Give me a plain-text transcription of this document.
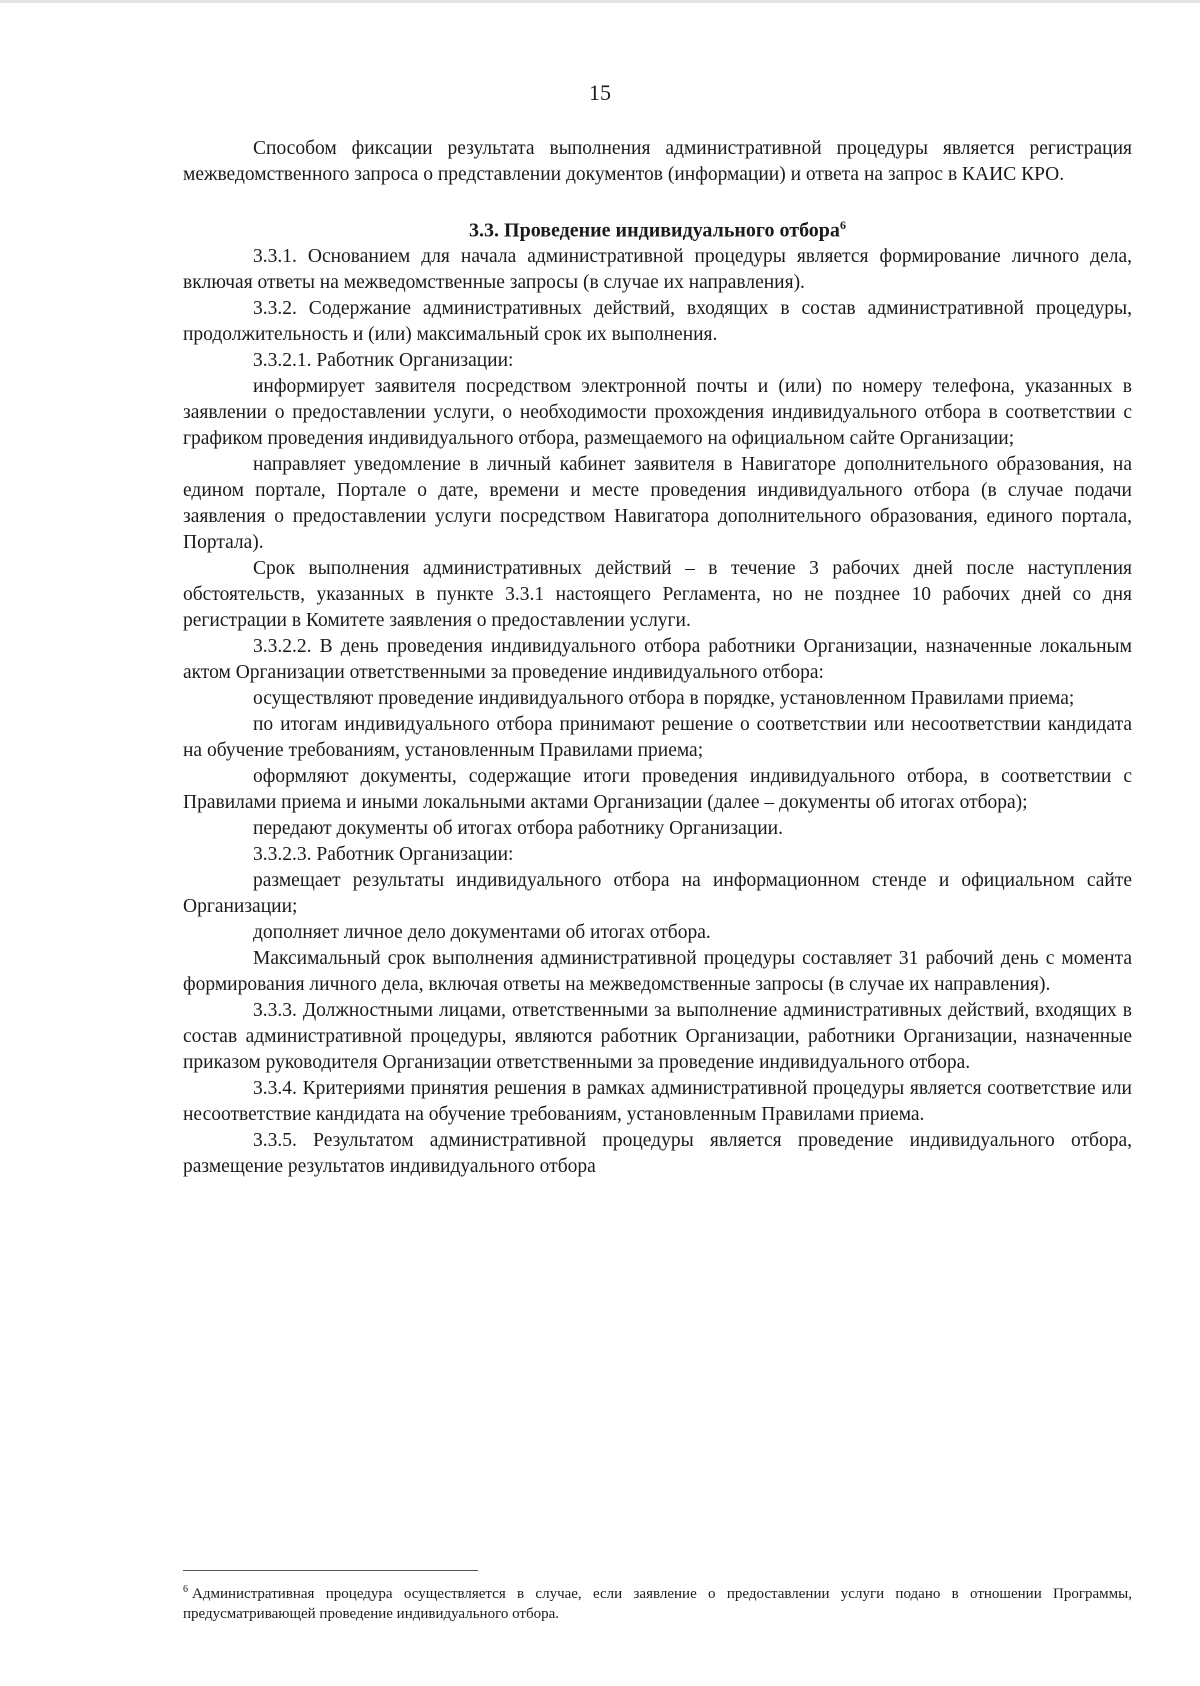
15

Способом фиксации результата выполнения административной процедуры является регистрация межведомственного запроса о представлении документов (информации) и ответа на запрос в КАИС КРО.

3.3. Проведение индивидуального отбора$^6$

3.3.1. Основанием для начала административной процедуры является формирование личного дела, включая ответы на межведомственные запросы (в случае их направления).

3.3.2. Содержание административных действий, входящих в состав административной процедуры, продолжительность и (или) максимальный срок их выполнения.

3.3.2.1. Работник Организации:

информирует заявителя посредством электронной почты и (или) по номеру телефона, указанных в заявлении о предоставлении услуги, о необходимости прохождения индивидуального отбора в соответствии с графиком проведения индивидуального отбора, размещаемого на официальном сайте Организации;

направляет уведомление в личный кабинет заявителя в Навигаторе дополнительного образования, на едином портале, Портале о дате, времени и месте проведения индивидуального отбора (в случае подачи заявления о предоставлении услуги посредством Навигатора дополнительного образования, единого портала, Портала).

Срок выполнения административных действий – в течение 3 рабочих дней после наступления обстоятельств, указанных в пункте 3.3.1 настоящего Регламента, но не позднее 10 рабочих дней со дня регистрации в Комитете заявления о предоставлении услуги.

3.3.2.2. В день проведения индивидуального отбора работники Организации, назначенные локальным актом Организации ответственными за проведение индивидуального отбора:

осуществляют проведение индивидуального отбора в порядке, установленном Правилами приема;

по итогам индивидуального отбора принимают решение о соответствии или несоответствии кандидата на обучение требованиям, установленным Правилами приема;

оформляют документы, содержащие итоги проведения индивидуального отбора, в соответствии с Правилами приема и иными локальными актами Организации (далее – документы об итогах отбора);

передают документы об итогах отбора работнику Организации.

3.3.2.3. Работник Организации:

размещает результаты индивидуального отбора на информационном стенде и официальном сайте Организации;

дополняет личное дело документами об итогах отбора.

Максимальный срок выполнения административной процедуры составляет 31 рабочий день с момента формирования личного дела, включая ответы на межведомственные запросы (в случае их направления).

3.3.3. Должностными лицами, ответственными за выполнение административных действий, входящих в состав административной процедуры, являются работник Организации, работники Организации, назначенные приказом руководителя Организации ответственными за проведение индивидуального отбора.

3.3.4. Критериями принятия решения в рамках административной процедуры является соответствие или несоответствие кандидата на обучение требованиям, установленным Правилами приема.

3.3.5. Результатом административной процедуры является проведение индивидуального отбора, размещение результатов индивидуального отбора

$^6$ Административная процедура осуществляется в случае, если заявление о предоставлении услуги подано в отношении Программы, предусматривающей проведение индивидуального отбора.
